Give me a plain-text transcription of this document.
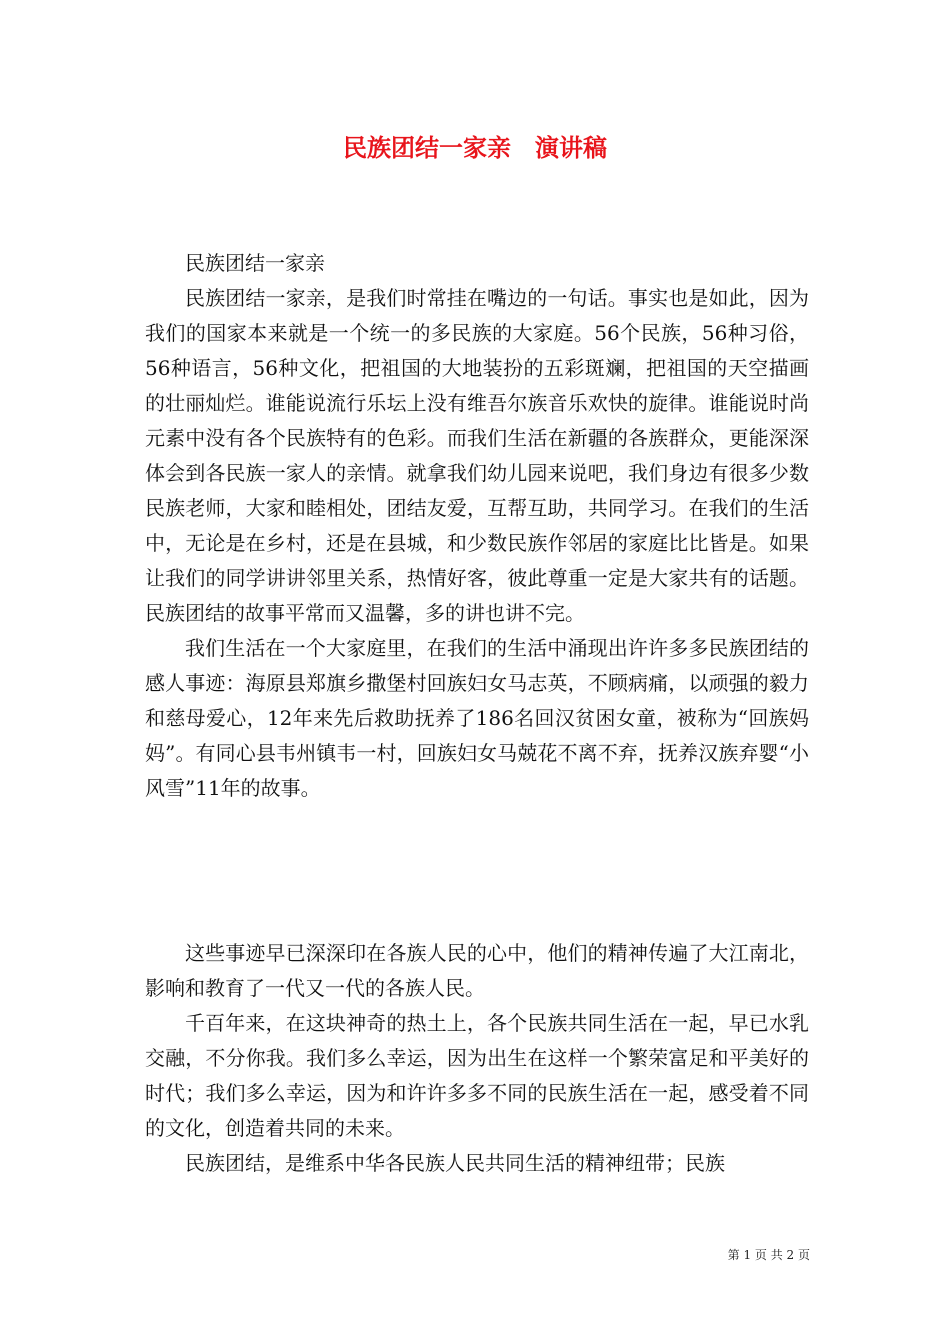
民族团结一家亲　演讲稿

民族团结一家亲

民族团结一家亲，是我们时常挂在嘴边的一句话。事实也是如此，因为我们的国家本来就是一个统一的多民族的大家庭。56个民族，56种习俗，56种语言，56种文化，把祖国的大地装扮的五彩斑斓，把祖国的天空描画的壮丽灿烂。谁能说流行乐坛上没有维吾尔族音乐欢快的旋律。谁能说时尚元素中没有各个民族特有的色彩。而我们生活在新疆的各族群众，更能深深体会到各民族一家人的亲情。就拿我们幼儿园来说吧，我们身边有很多少数民族老师，大家和睦相处，团结友爱，互帮互助，共同学习。在我们的生活中，无论是在乡村，还是在县城，和少数民族作邻居的家庭比比皆是。如果让我们的同学讲讲邻里关系，热情好客，彼此尊重一定是大家共有的话题。民族团结的故事平常而又温馨，多的讲也讲不完。

我们生活在一个大家庭里，在我们的生活中涌现出许许多多民族团结的感人事迹：海原县郑旗乡撒堡村回族妇女马志英，不顾病痛，以顽强的毅力和慈母爱心，12年来先后救助抚养了186名回汉贫困女童，被称为“回族妈妈”。有同心县韦州镇韦一村，回族妇女马兢花不离不弃，抚养汉族弃婴“小风雪”11年的故事。

这些事迹早已深深印在各族人民的心中，他们的精神传遍了大江南北，影响和教育了一代又一代的各族人民。

千百年来，在这块神奇的热土上，各个民族共同生活在一起，早已水乳交融，不分你我。我们多么幸运，因为出生在这样一个繁荣富足和平美好的时代；我们多么幸运，因为和许许多多不同的民族生活在一起，感受着不同的文化，创造着共同的未来。

民族团结，是维系中华各民族人民共同生活的精神纽带；民族

第 1 页 共 2 页
